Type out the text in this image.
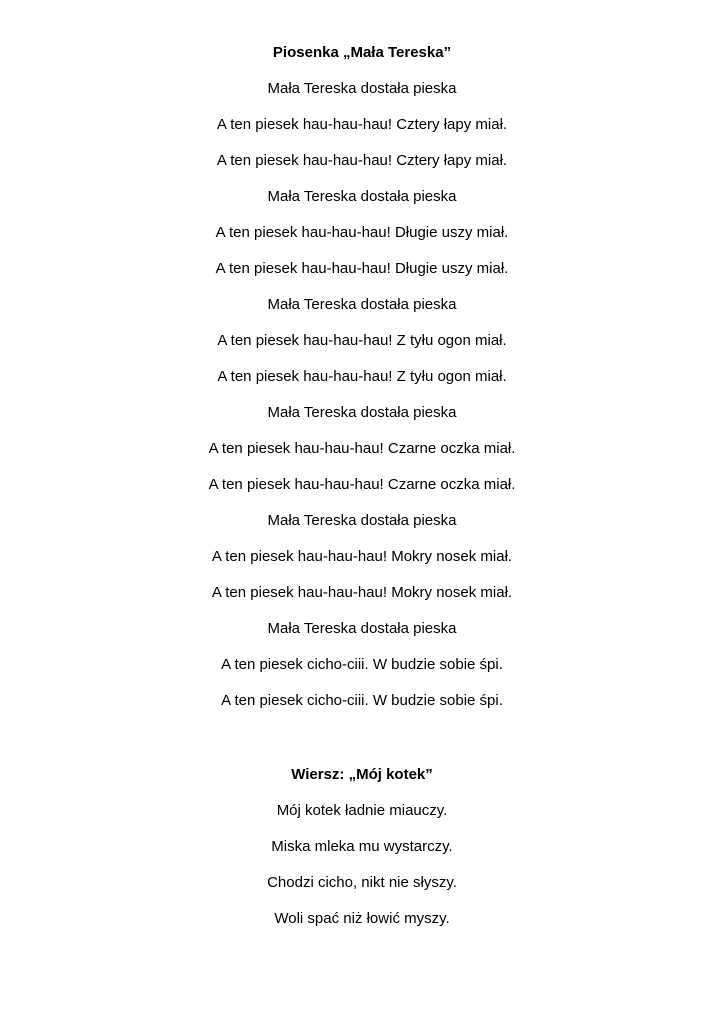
Piosenka „Mała Tereska”
Mała Tereska dostała pieska
A ten piesek hau-hau-hau! Cztery łapy miał.
A ten piesek hau-hau-hau! Cztery łapy miał.
Mała Tereska dostała pieska
A ten piesek hau-hau-hau! Długie uszy miał.
A ten piesek hau-hau-hau! Długie uszy miał.
Mała Tereska dostała pieska
A ten piesek hau-hau-hau! Z tyłu ogon miał.
A ten piesek hau-hau-hau! Z tyłu ogon miał.
Mała Tereska dostała pieska
A ten piesek hau-hau-hau! Czarne oczka miał.
A ten piesek hau-hau-hau! Czarne oczka miał.
Mała Tereska dostała pieska
A ten piesek hau-hau-hau! Mokry nosek miał.
A ten piesek hau-hau-hau! Mokry nosek miał.
Mała Tereska dostała pieska
A ten piesek cicho-ciii. W budzie sobie śpi.
A ten piesek cicho-ciii. W budzie sobie śpi.
Wiersz: „Mój kotek”
Mój kotek ładnie miauczy.
Miska mleka mu wystarczy.
Chodzi cicho, nikt nie słyszy.
Woli spać niż łowić myszy.
